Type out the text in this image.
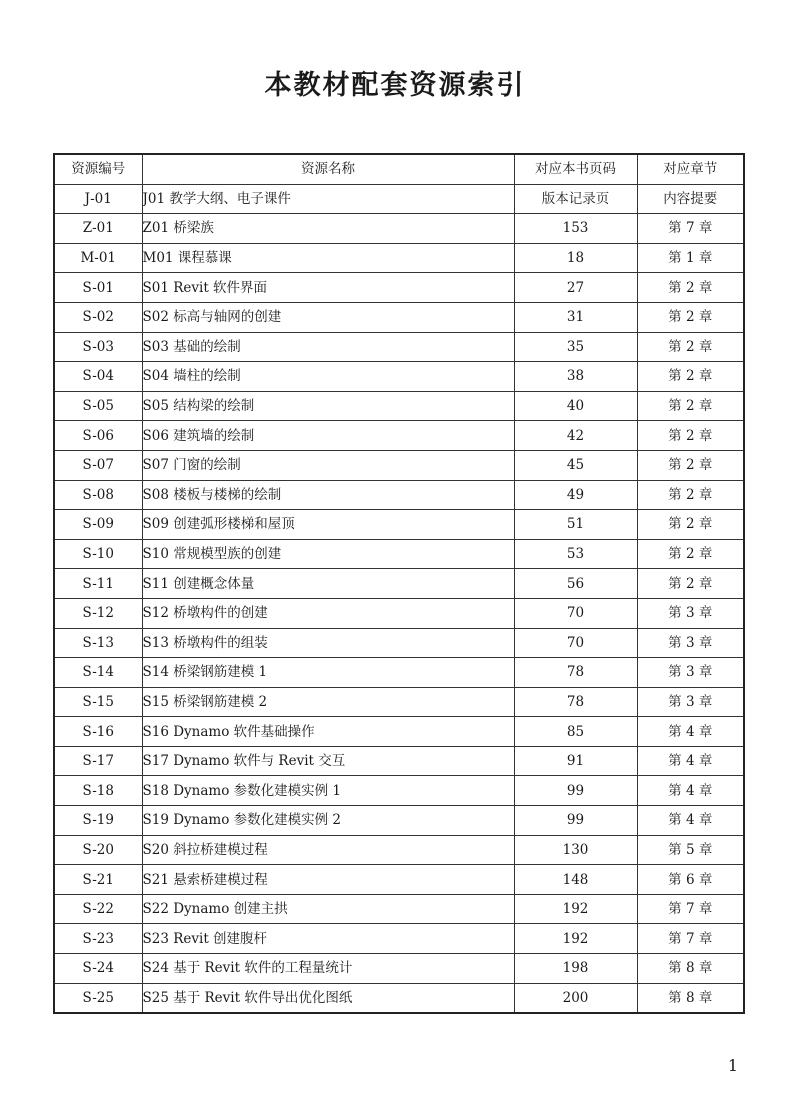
本教材配套资源索引
资源编号	资源名称	对应本书页码	对应章节
J-01	J01 教学大纲、电子课件	版本记录页	内容提要
Z-01	Z01 桥梁族	153	第 7 章
M-01	M01 课程慕课	18	第 1 章
S-01	S01 Revit 软件界面	27	第 2 章
S-02	S02 标高与轴网的创建	31	第 2 章
S-03	S03 基础的绘制	35	第 2 章
S-04	S04 墙柱的绘制	38	第 2 章
S-05	S05 结构梁的绘制	40	第 2 章
S-06	S06 建筑墙的绘制	42	第 2 章
S-07	S07 门窗的绘制	45	第 2 章
S-08	S08 楼板与楼梯的绘制	49	第 2 章
S-09	S09 创建弧形楼梯和屋顶	51	第 2 章
S-10	S10 常规模型族的创建	53	第 2 章
S-11	S11 创建概念体量	56	第 2 章
S-12	S12 桥墩构件的创建	70	第 3 章
S-13	S13 桥墩构件的组装	70	第 3 章
S-14	S14 桥梁钢筋建模 1	78	第 3 章
S-15	S15 桥梁钢筋建模 2	78	第 3 章
S-16	S16 Dynamo 软件基础操作	85	第 4 章
S-17	S17 Dynamo 软件与 Revit 交互	91	第 4 章
S-18	S18 Dynamo 参数化建模实例 1	99	第 4 章
S-19	S19 Dynamo 参数化建模实例 2	99	第 4 章
S-20	S20 斜拉桥建模过程	130	第 5 章
S-21	S21 悬索桥建模过程	148	第 6 章
S-22	S22 Dynamo 创建主拱	192	第 7 章
S-23	S23 Revit 创建腹杆	192	第 7 章
S-24	S24 基于 Revit 软件的工程量统计	198	第 8 章
S-25	S25 基于 Revit 软件导出优化图纸	200	第 8 章

1
